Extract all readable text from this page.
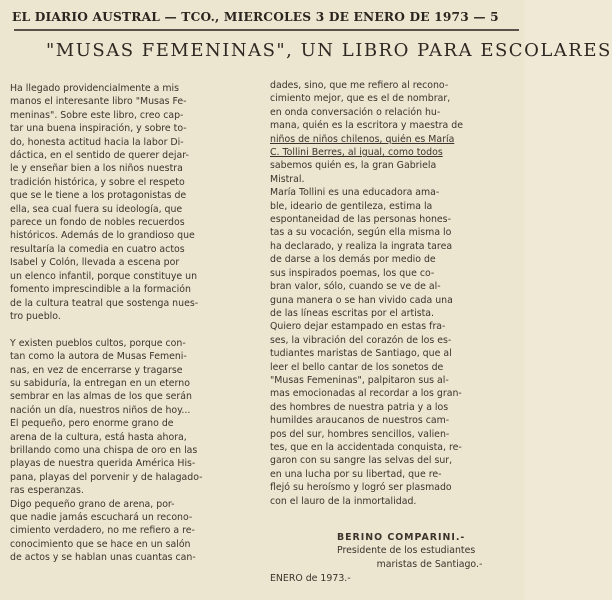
EL DIARIO AUSTRAL — TCO., MIERCOLES 3 DE ENERO DE 1973 — 5
"MUSAS FEMENINAS", UN LIBRO PARA ESCOLARES
Ha llegado providencialmente a mis
manos el interesante libro "Musas Fe-
meninas". Sobre este libro, creo cap-
tar una buena inspiración, y sobre to-
do, honesta actitud hacia la labor Di-
dáctica, en el sentido de querer dejar-
le y enseñar bien a los niños nuestra
tradición histórica, y sobre el respeto
que se le tiene a los protagonistas de
ella, sea cual fuera su ideología, que
parece un fondo de nobles recuerdos
históricos. Además de lo grandioso que
resultaría la comedia en cuatro actos
Isabel y Colón, llevada a escena por
un elenco infantil, porque constituye un
fomento imprescindible a la formación
de la cultura teatral que sostenga nues-
tro pueblo.

Y existen pueblos cultos, porque con-
tan como la autora de Musas Femeni-
nas, en vez de encerrarse y tragarse
su sabiduría, la entregan en un eterno
sembrar en las almas de los que serán
nación un día, nuestros niños de hoy...
El pequeño, pero enorme grano de
arena de la cultura, está hasta ahora,
brillando como una chispa de oro en las
playas de nuestra querida América His-
pana, playas del porvenir y de halagado-
ras esperanzas.
Digo pequeño grano de arena, por-
que nadie jamás escuchará un recono-
cimiento verdadero, no me refiero a re-
conocimiento que se hace en un salón
de actos y se hablan unas cuantas can-
dades, sino, que me refiero al recono-
cimiento mejor, que es el de nombrar,
en onda conversación o relación hu-
mana, quién es la escritora y maestra de
niños de niños chilenos, quién es María
C. Tollini Berres, al igual, como todos
sabemos quién es, la gran Gabriela
Mistral.
María Tollini es una educadora ama-
ble, ideario de gentileza, estima la
espontaneidad de las personas hones-
tas a su vocación, según ella misma lo
ha declarado, y realiza la ingrata tarea
de darse a los demás por medio de
sus inspirados poemas, los que co-
bran valor, sólo, cuando se ve de al-
guna manera o se han vivido cada una
de las líneas escritas por el artista.
Quiero dejar estampado en estas fra-
ses, la vibración del corazón de los es-
tudiantes maristas de Santiago, que al
leer el bello cantar de los sonetos de
"Musas Femeninas", palpitaron sus al-
mas emocionadas al recordar a los gran-
des hombres de nuestra patria y a los
humildes araucanos de nuestros cam-
pos del sur, hombres sencillos, valien-
tes, que en la accidentada conquista, re-
garon con su sangre las selvas del sur,
en una lucha por su libertad, que re-
flejó su heroísmo y logró ser plasmado
con el lauro de la inmortalidad.
BERINO COMPARINI.-
Presidente de los estudiantes
maristas de Santiago.-
ENERO de 1973.-
